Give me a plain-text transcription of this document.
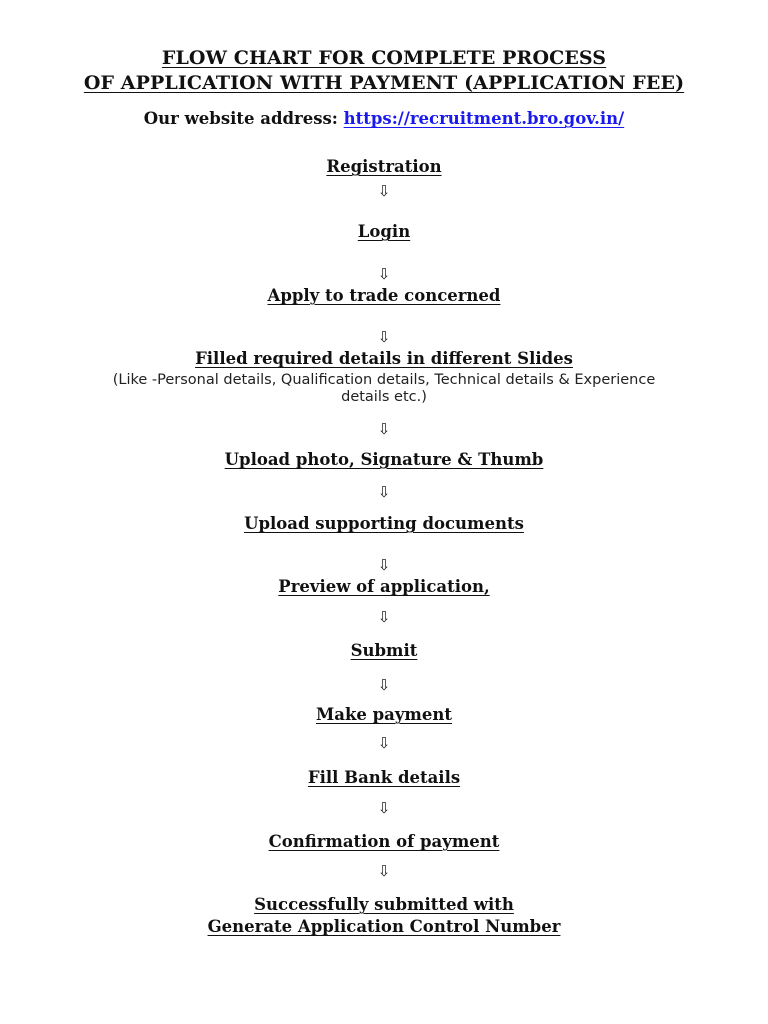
FLOW CHART FOR COMPLETE PROCESS
OF APPLICATION WITH PAYMENT (APPLICATION FEE)
Our website address: https://recruitment.bro.gov.in/
Registration
⇩
Login
⇩
Apply to trade concerned
⇩
Filled required details in different Slides
(Like -Personal details, Qualification details, Technical details & Experience
details etc.)
⇩
Upload photo, Signature & Thumb
⇩
Upload supporting documents
⇩
Preview of application,
⇩
Submit
⇩
Make payment
⇩
Fill Bank details
⇩
Confirmation of payment
⇩
Successfully submitted with
Generate Application Control Number
